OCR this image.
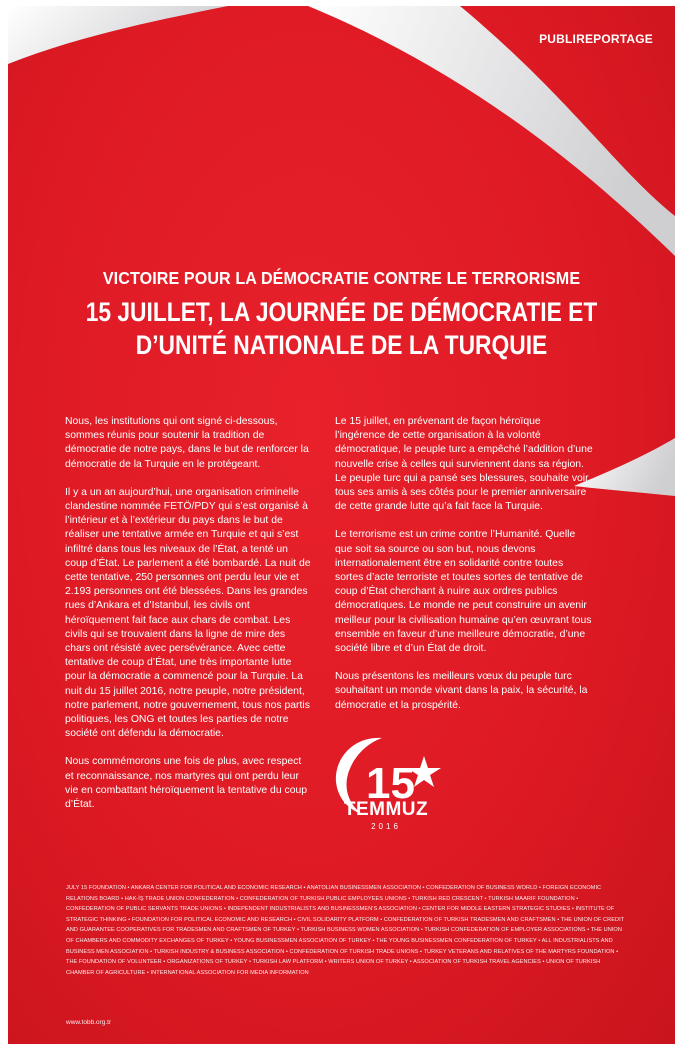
PUBLIREPORTAGE
VICTOIRE POUR LA DÉMOCRATIE CONTRE LE TERRORISME
15 JUILLET, LA JOURNÉE DE DÉMOCRATIE ET
D’UNITÉ NATIONALE DE LA TURQUIE

Nous, les institutions qui ont signé ci-dessous, sommes réunis pour soutenir la tradition de démocratie de notre pays, dans le but de renforcer la démocratie de la Turquie en le protégeant.

Il y a un an aujourd’hui, une organisation criminelle clandestine nommée FETÖ/PDY qui s’est organisé à l’intérieur et à l’extérieur du pays dans le but de réaliser une tentative armée en Turquie et qui s’est infiltré dans tous les niveaux de l’État, a tenté un coup d’État. Le parlement a été bombardé. La nuit de cette tentative, 250 personnes ont perdu leur vie et 2.193 personnes ont été blessées. Dans les grandes rues d’Ankara et d’Istanbul, les civils ont héroïquement fait face aux chars de combat. Les civils qui se trouvaient dans la ligne de mire des chars ont résisté avec persévérance. Avec cette tentative de coup d’État, une très importante lutte pour la démocratie a commencé pour la Turquie. La nuit du 15 juillet 2016, notre peuple, notre président, notre parlement, notre gouvernement, tous nos partis politiques, les ONG et toutes les parties de notre société ont défendu la démocratie.

Nous commémorons une fois de plus, avec respect et reconnaissance, nos martyres qui ont perdu leur vie en combattant héroïquement la tentative du coup d’État.

Le 15 juillet, en prévenant de façon héroïque l’ingérence de cette organisation à la volonté démocratique, le peuple turc a empêché l’addition d’une nouvelle crise à celles qui surviennent dans sa région. Le peuple turc qui a pansé ses blessures, souhaite voir tous ses amis à ses côtés pour le premier anniversaire de cette grande lutte qu’a fait face la Turquie.

Le terrorisme est un crime contre l’Humanité. Quelle que soit sa source ou son but, nous devons internationalement être en solidarité contre toutes sortes d’acte terroriste et toutes sortes de tentative de coup d’État cherchant à nuire aux ordres publics démocratiques. Le monde ne peut construire un avenir meilleur pour la civilisation humaine qu’en œuvrant tous ensemble en faveur d’une meilleure démocratie, d’une société libre et d’un État de droit.

Nous présentons les meilleurs vœux du peuple turc souhaitant un monde vivant dans la paix, la sécurité, la démocratie et la prospérité.

15
TEMMUZ
2016
JULY 15 FOUNDATION • ANKARA CENTER FOR POLITICAL AND ECONOMIC RESEARCH • ANATOLIAN BUSINESSMEN ASSOCIATION • CONFEDERATION OF BUSINESS WORLD • FOREIGN ECONOMIC RELATIONS BOARD • HAK-İŞ TRADE UNION CONFEDERATION • CONFEDERATION OF TURKISH PUBLIC EMPLOYEES UNIONS • TURKISH RED CRESCENT • TURKISH MAARIF FOUNDATION • CONFEDERATION OF PUBLIC SERVANTS TRADE UNIONS • INDEPENDENT INDUSTRIALISTS AND BUSINESSMEN’S ASSOCIATION • CENTER FOR MIDDLE EASTERN STRATEGIC STUDIES • INSTITUTE OF STRATEGIC THINKING • FOUNDATION FOR POLITICAL ECONOMIC AND RESEARCH • CIVIL SOLIDARITY PLATFORM • CONFEDERATION OF TURKISH TRADESMEN AND CRAFTSMEN • THE UNION OF CREDIT AND GUARANTEE COOPERATIVES FOR TRADESMEN AND CRAFTSMEN OF TURKEY • TURKISH BUSINESS WOMEN ASSOCIATION • TURKISH CONFEDERATION OF EMPLOYER ASSOCIATIONS • THE UNION OF CHAMBERS AND COMMODITY EXCHANGES OF TURKEY • YOUNG BUSINESSMEN ASSOCIATION OF TURKEY • THE YOUNG BUSINESSMEN CONFEDERATION OF TURKEY • ALL INDUSTRIALISTS AND BUSINESS MEN ASSOCIATION • TURKISH INDUSTRY & BUSINESS ASSOCIATION • CONFEDERATION OF TURKISH TRADE UNIONS • TURKEY VETERANS AND RELATIVES OF THE MARTYRS FOUNDATION • THE FOUNDATION OF VOLUNTEER • ORGANIZATIONS OF TURKEY • TURKISH LAW PLATFORM • WRITERS UNION OF TURKEY • ASSOCIATION OF TURKISH TRAVEL AGENCIES • UNION OF TURKISH CHAMBER OF AGRICULTURE • INTERNATIONAL ASSOCIATION FOR MEDIA INFORMATION
www.tobb.org.tr
